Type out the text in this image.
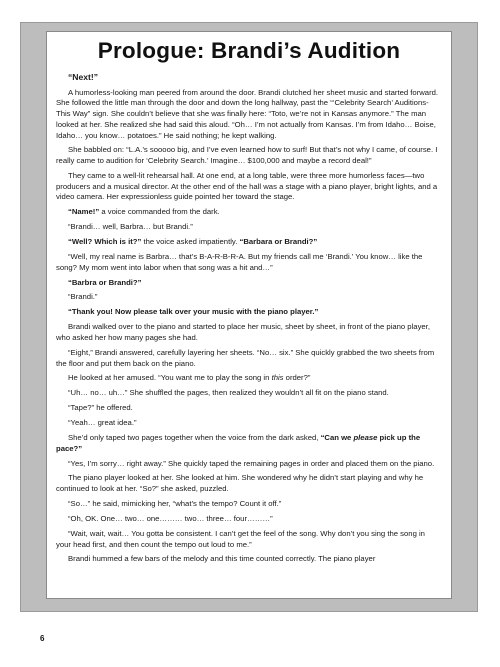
Prologue: Brandi’s Audition

“Next!”

A humorless-looking man peered from around the door. Brandi clutched her sheet music and started forward. She followed the little man through the door and down the long hallway, past the “‘Celebrity Search’ Auditions-This Way” sign. She couldn’t believe that she was finally here: “Toto, we’re not in Kansas anymore.” The man looked at her. She realized she had said this aloud. “Oh… I’m not actually from Kansas. I’m from Idaho… Boise, Idaho… you know… potatoes.” He said nothing; he kept walking.

She babbled on: “L.A.’s sooooo big, and I’ve even learned how to surf! But that’s not why I came, of course. I really came to audition for ‘Celebrity Search.’ Imagine… $100,000 and maybe a record deal!”

They came to a well-lit rehearsal hall. At one end, at a long table, were three more humorless faces—two producers and a musical director. At the other end of the hall was a stage with a piano player, bright lights, and a video camera. Her expressionless guide pointed her toward the stage.

“Name!” a voice commanded from the dark.

“Brandi… well, Barbra… but Brandi.”

“Well? Which is it?” the voice asked impatiently. “Barbara or Brandi?”

“Well, my real name is Barbra… that’s B-A-R-B-R-A. But my friends call me ‘Brandi.’ You know… like the song? My mom went into labor when that song was a hit and…”

“Barbra or Brandi?”

“Brandi.”

“Thank you! Now please talk over your music with the piano player.”

Brandi walked over to the piano and started to place her music, sheet by sheet, in front of the piano player, who asked her how many pages she had.

“Eight,” Brandi answered, carefully layering her sheets. “No… six.” She quickly grabbed the two sheets from the floor and put them back on the piano.

He looked at her amused. “You want me to play the song in this order?”

“Uh… no… uh…” She shuffled the pages, then realized they wouldn’t all fit on the piano stand.

“Tape?” he offered.

“Yeah… great idea.”

She’d only taped two pages together when the voice from the dark asked, “Can we please pick up the pace?”

“Yes, I’m sorry… right away.” She quickly taped the remaining pages in order and placed them on the piano.

The piano player looked at her. She looked at him. She wondered why he didn’t start playing and why he continued to look at her. “So?” she asked, puzzled.

“So…” he said, mimicking her, “what’s the tempo? Count it off.”

“Oh, OK. One… two… one……… two… three… four………”

“Wait, wait, wait… You gotta be consistent. I can’t get the feel of the song. Why don’t you sing the song in your head first, and then count the tempo out loud to me.”

Brandi hummed a few bars of the melody and this time counted correctly. The piano player

6
